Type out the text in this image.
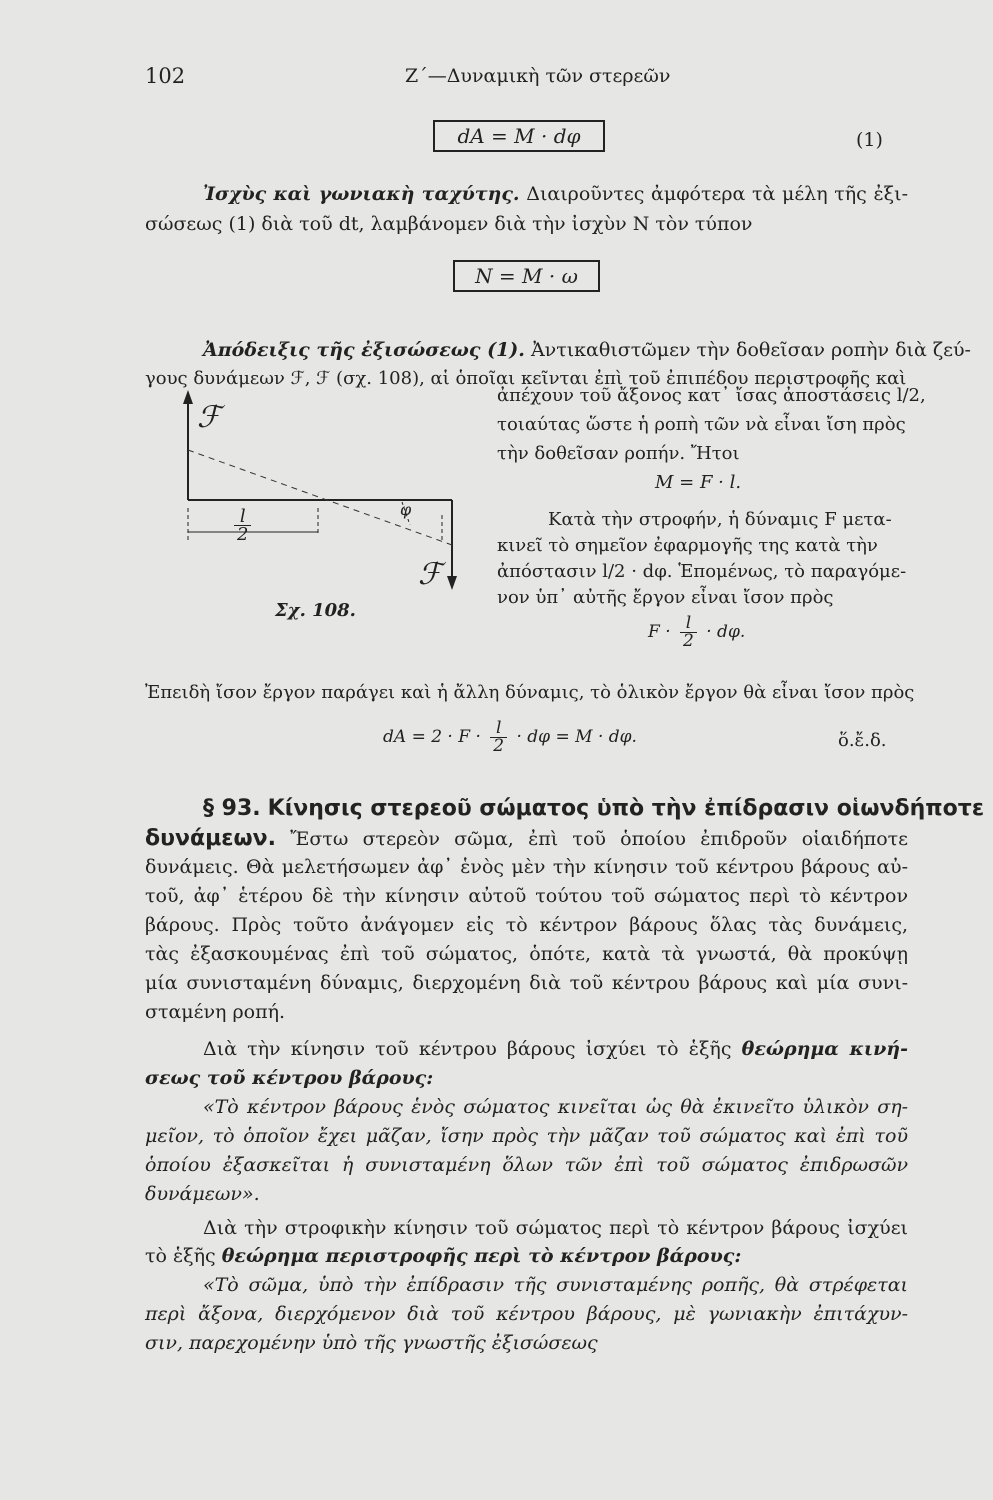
102	Ζ΄—Δυναμικὴ τῶν στερεῶν
dA = M · dφ	(1)
Ἰσχὺς καὶ γωνιακὴ ταχύτης. Διαιροῦντες ἀμφότερα τὰ μέλη τῆς ἐξι-
σώσεως (1) διὰ τοῦ dt, λαμβάνομεν διὰ τὴν ἰσχὺν N τὸν τύπον
N = M · ω
Ἀπόδειξις τῆς ἐξισώσεως (1). Ἀντικαθιστῶμεν τὴν δοθεῖσαν ροπὴν διὰ ζεύ-
γους δυνάμεων ℱ, ℱ (σχ. 108), αἱ ὁποῖαι κεῖνται ἐπὶ τοῦ ἐπιπέδου περιστροφῆς καὶ
ἀπέχουν τοῦ ἄξονος κατ᾿ ἴσας ἀποστάσεις l/2,
τοιαύτας ὥστε ἡ ροπὴ τῶν νὰ εἶναι ἴση πρὸς
τὴν δοθεῖσαν ροπήν. Ἤτοι
M = F · l.
Κατὰ τὴν στροφήν, ἡ δύναμις F μετα-
κινεῖ τὸ σημεῖον ἐφαρμογῆς της κατὰ τὴν
ἀπόστασιν l/2 · dφ. Ἑπομένως, τὸ παραγόμε-
νον ὑπ᾿ αὐτῆς ἔργον εἶναι ἴσον πρὸς
$F \cdot \frac{l}{2} \cdot d\varphi$.
ℱ
ℱ
φ
$\frac{l}{2}$
Σχ. 108.
Ἐπειδὴ ἴσον ἔργον παράγει καὶ ἡ ἄλλη δύναμις, τὸ ὁλικὸν ἔργον θὰ εἶναι ἴσον πρὸς
dA = $2 \cdot F \cdot \frac{l}{2} \cdot d\varphi = M \cdot d\varphi$.	ὅ.ἔ.δ.
§ 93. Κίνησις στερεοῦ σώματος ὑπὸ τὴν ἐπίδρασιν οἱωνδήποτε
δυνάμεων. Ἔστω στερεὸν σῶμα, ἐπὶ τοῦ ὁποίου ἐπιδροῦν οἱαιδήποτε
δυνάμεις. Θὰ μελετήσωμεν ἀφ᾿ ἑνὸς μὲν τὴν κίνησιν τοῦ κέντρου βάρους αὐ-
τοῦ, ἀφ᾿ ἑτέρου δὲ τὴν κίνησιν αὐτοῦ τούτου τοῦ σώματος περὶ τὸ κέντρον
βάρους. Πρὸς τοῦτο ἀνάγομεν εἰς τὸ κέντρον βάρους ὅλας τὰς δυνάμεις,
τὰς ἐξασκουμένας ἐπὶ τοῦ σώματος, ὁπότε, κατὰ τὰ γνωστά, θὰ προκύψῃ
μία συνισταμένη δύναμις, διερχομένη διὰ τοῦ κέντρου βάρους καὶ μία συνι-
σταμένη ροπή.
Διὰ τὴν κίνησιν τοῦ κέντρου βάρους ἰσχύει τὸ ἑξῆς θεώρημα κινή-
σεως τοῦ κέντρου βάρους:
«Τὸ κέντρον βάρους ἑνὸς σώματος κινεῖται ὡς θὰ ἐκινεῖτο ὑλικὸν ση-
μεῖον, τὸ ὁποῖον ἔχει μᾶζαν, ἴσην πρὸς τὴν μᾶζαν τοῦ σώματος καὶ ἐπὶ τοῦ
ὁποίου ἐξασκεῖται ἡ συνισταμένη ὅλων τῶν ἐπὶ τοῦ σώματος ἐπιδρωσῶν
δυνάμεων».
Διὰ τὴν στροφικὴν κίνησιν τοῦ σώματος περὶ τὸ κέντρον βάρους ἰσχύει
τὸ ἑξῆς θεώρημα περιστροφῆς περὶ τὸ κέντρον βάρους:
«Τὸ σῶμα, ὑπὸ τὴν ἐπίδρασιν τῆς συνισταμένης ροπῆς, θὰ στρέφεται
περὶ ἄξονα, διερχόμενον διὰ τοῦ κέντρου βάρους, μὲ γωνιακὴν ἐπιτάχυν-
σιν, παρεχομένην ὑπὸ τῆς γνωστῆς ἐξισώσεως
